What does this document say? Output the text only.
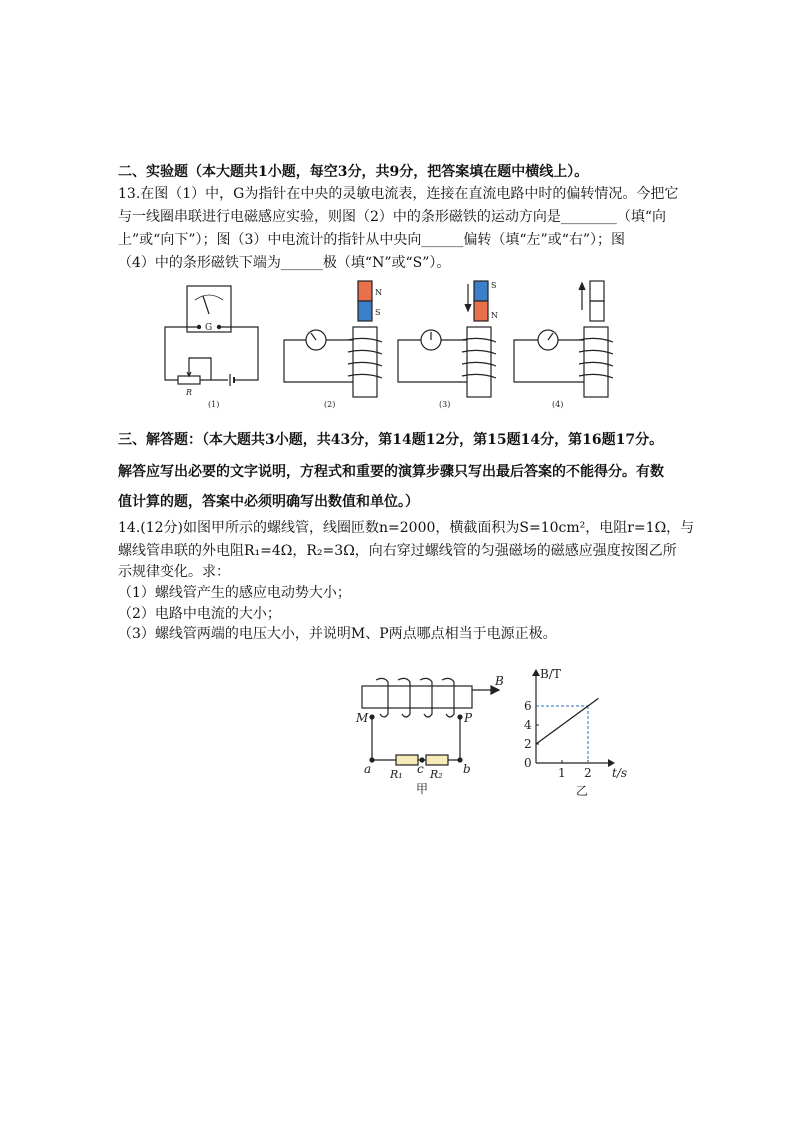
二、实验题（本大题共1小题，每空3分，共9分，把答案填在题中横线上）。
13.在图（1）中，G为指针在中央的灵敏电流表，连接在直流电路中时的偏转情况。今把它
与一线圈串联进行电磁感应实验，则图（2）中的条形磁铁的运动方向是________（填“向
上”或“向下”）；图（3）中电流计的指针从中央向______偏转（填“左”或“右”）；图
（4）中的条形磁铁下端为______极（填“N”或“S”）。
G
R
(1)
N
S
(2)
S
N
(3)	(4)
三、解答题：（本大题共3小题，共43分，第14题12分，第15题14分，第16题17分。
解答应写出必要的文字说明，方程式和重要的演算步骤只写出最后答案的不能得分。有数
值计算的题，答案中必须明确写出数值和单位。）
14.(12分)如图甲所示的螺线管，线圈匝数n=2000，横截面积为S=10cm²，电阻r=1Ω，与
螺线管串联的外电阻R₁=4Ω，R₂=3Ω，向右穿过螺线管的匀强磁场的磁感应强度按图乙所
示规律变化。求：
（1）螺线管产生的感应电动势大小；
（2）电路中电流的大小；
（3）螺线管两端的电压大小，并说明M、P两点哪点相当于电源正极。
B
M	P
a	c	b
R₁ R₂
甲
0
2
4
6
1 2
B/T
t/s
乙
